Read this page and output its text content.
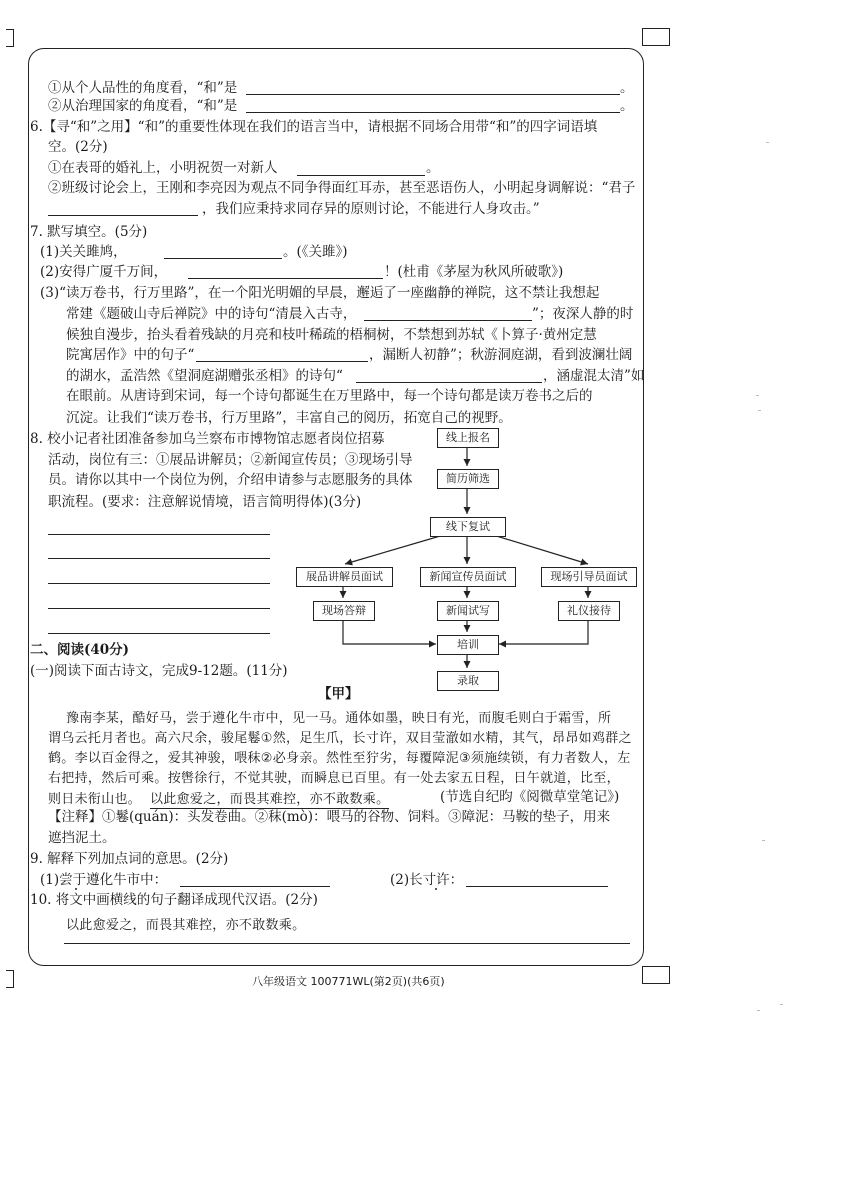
①从个人品性的角度看，“和”是	。
②从治理国家的角度看，“和”是	。
6.【寻“和”之用】“和”的重要性体现在我们的语言当中，请根据不同场合用带“和”的四字词语填
空。(2分)
①在表哥的婚礼上，小明祝贺一对新人	。
②班级讨论会上，王刚和李亮因为观点不同争得面红耳赤，甚至恶语伤人，小明起身调解说：“君子
，我们应秉持求同存异的原则讨论，不能进行人身攻击。”
7. 默写填空。(5分)
(1)关关雎鸠，	。(《关雎》)
(2)安得广厦千万间，	！(杜甫《茅屋为秋风所破歌》)
(3)“读万卷书，行万里路”，在一个阳光明媚的早晨，邂逅了一座幽静的禅院，这不禁让我想起
常建《题破山寺后禅院》中的诗句“清晨入古寺，	”；夜深人静的时
候独自漫步，抬头看着残缺的月亮和枝叶稀疏的梧桐树，不禁想到苏轼《卜算子·黄州定慧
院寓居作》中的句子“	，漏断人初静”；秋游洞庭湖，看到波澜壮阔
的湖水，孟浩然《望洞庭湖赠张丞相》的诗句“	，涵虚混太清”如
在眼前。从唐诗到宋词，每一个诗句都诞生在万里路中，每一个诗句都是读万卷书之后的
沉淀。让我们“读万卷书，行万里路”，丰富自己的阅历，拓宽自己的视野。
8. 校小记者社团准备参加乌兰察布市博物馆志愿者岗位招募
活动，岗位有三：①展品讲解员；②新闻宣传员；③现场引导
员。请你以其中一个岗位为例，介绍申请参与志愿服务的具体
职流程。(要求：注意解说情境，语言简明得体)(3分)
线上报名
简历筛选
线下复试
展品讲解员面试	新闻宣传员面试	现场引导员面试
现场答辩	新闻试写	礼仪接待
培训
录取
二、阅读(40分)
(一)阅读下面古诗文，完成9-12题。(11分)
【甲】
豫南李某，酷好马，尝于遵化牛市中，见一马。通体如墨，映日有光，而腹毛则白于霜雪，所
谓乌云托月者也。高六尺余，骏尾鬈①然，足生爪，长寸许，双目莹澈如水精，其气，昂昂如鸡群之
鹤。李以百金得之，爱其神骏，喂秣②必身亲。然性至狞劣，每覆障泥③须施续锁，有力者数人，左
右把持，然后可乘。按辔徐行，不觉其驶，而瞬息已百里。有一处去家五日程，日午就道，比至，
则日未衔山也。 以此愈爱之，而畏其难控，亦不敢数乘。	(节选自纪昀《阅微草堂笔记》)
【注释】①鬈(quán)：头发卷曲。②秣(mò)：喂马的谷物、饲料。③障泥：马鞍的垫子，用来
遮挡泥土。
9. 解释下列加点词的意思。(2分)
(1)尝于遵化牛市中：	(2)长寸许：
10. 将文中画横线的句子翻译成现代汉语。(2分)
以此愈爱之，而畏其难控，亦不敢数乘。
八年级语文 100771WL(第2页)(共6页)
